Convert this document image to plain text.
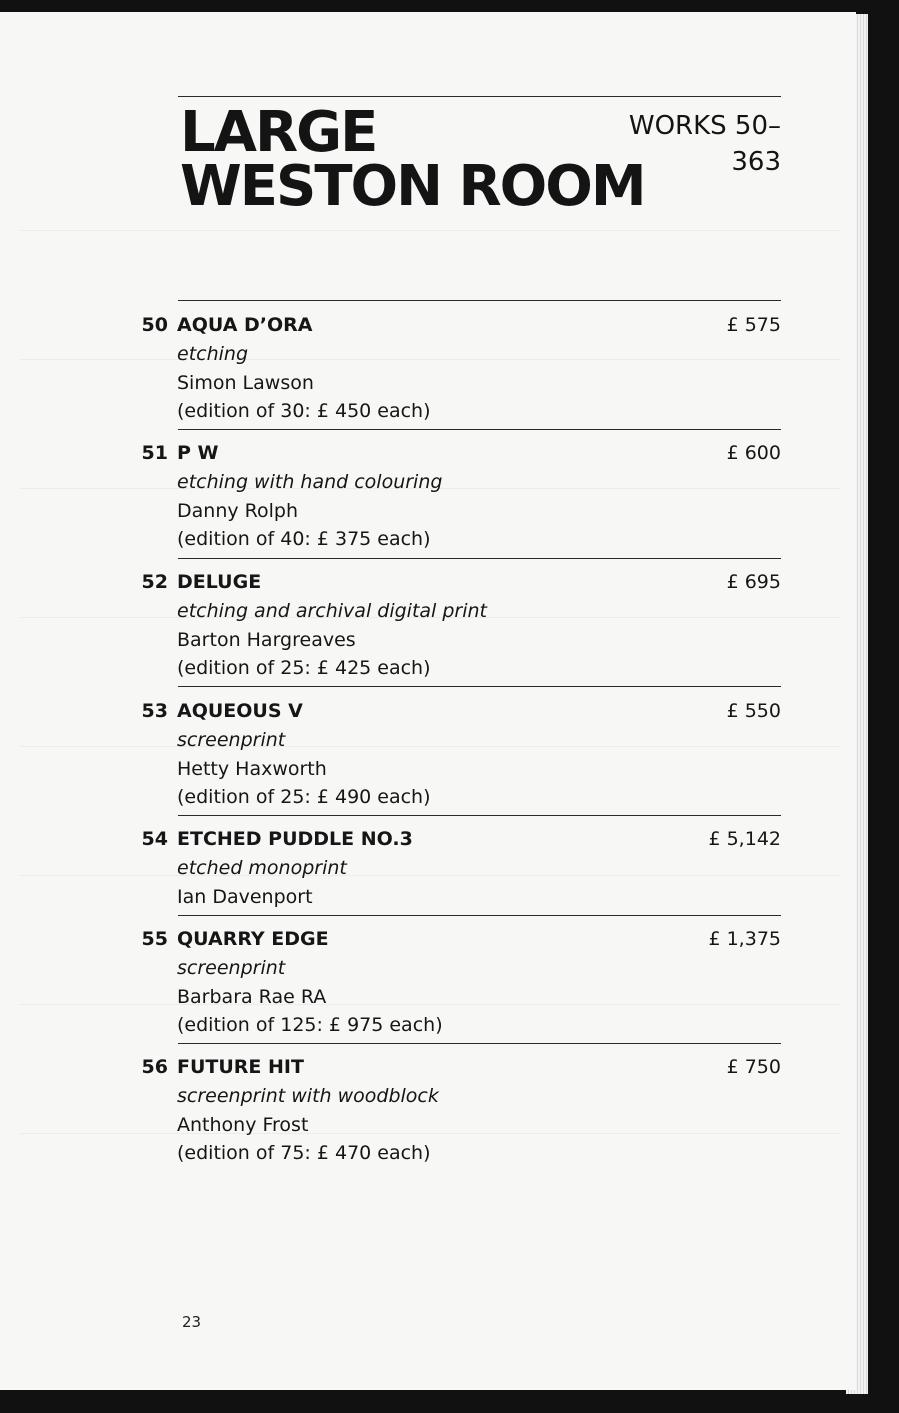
LARGE
WESTON ROOM
WORKS 50–363
50 AQUA D’ORA	£ 575
etching
Simon Lawson
(edition of 30: £ 450 each)
51 P W	£ 600
etching with hand colouring
Danny Rolph
(edition of 40: £ 375 each)
52 DELUGE	£ 695
etching and archival digital print
Barton Hargreaves
(edition of 25: £ 425 each)
53 AQUEOUS V	£ 550
screenprint
Hetty Haxworth
(edition of 25: £ 490 each)
54 ETCHED PUDDLE NO.3	£ 5,142
etched monoprint
Ian Davenport
55 QUARRY EDGE	£ 1,375
screenprint
Barbara Rae RA
(edition of 125: £ 975 each)
56 FUTURE HIT	£ 750
screenprint with woodblock
Anthony Frost
(edition of 75: £ 470 each)
23
